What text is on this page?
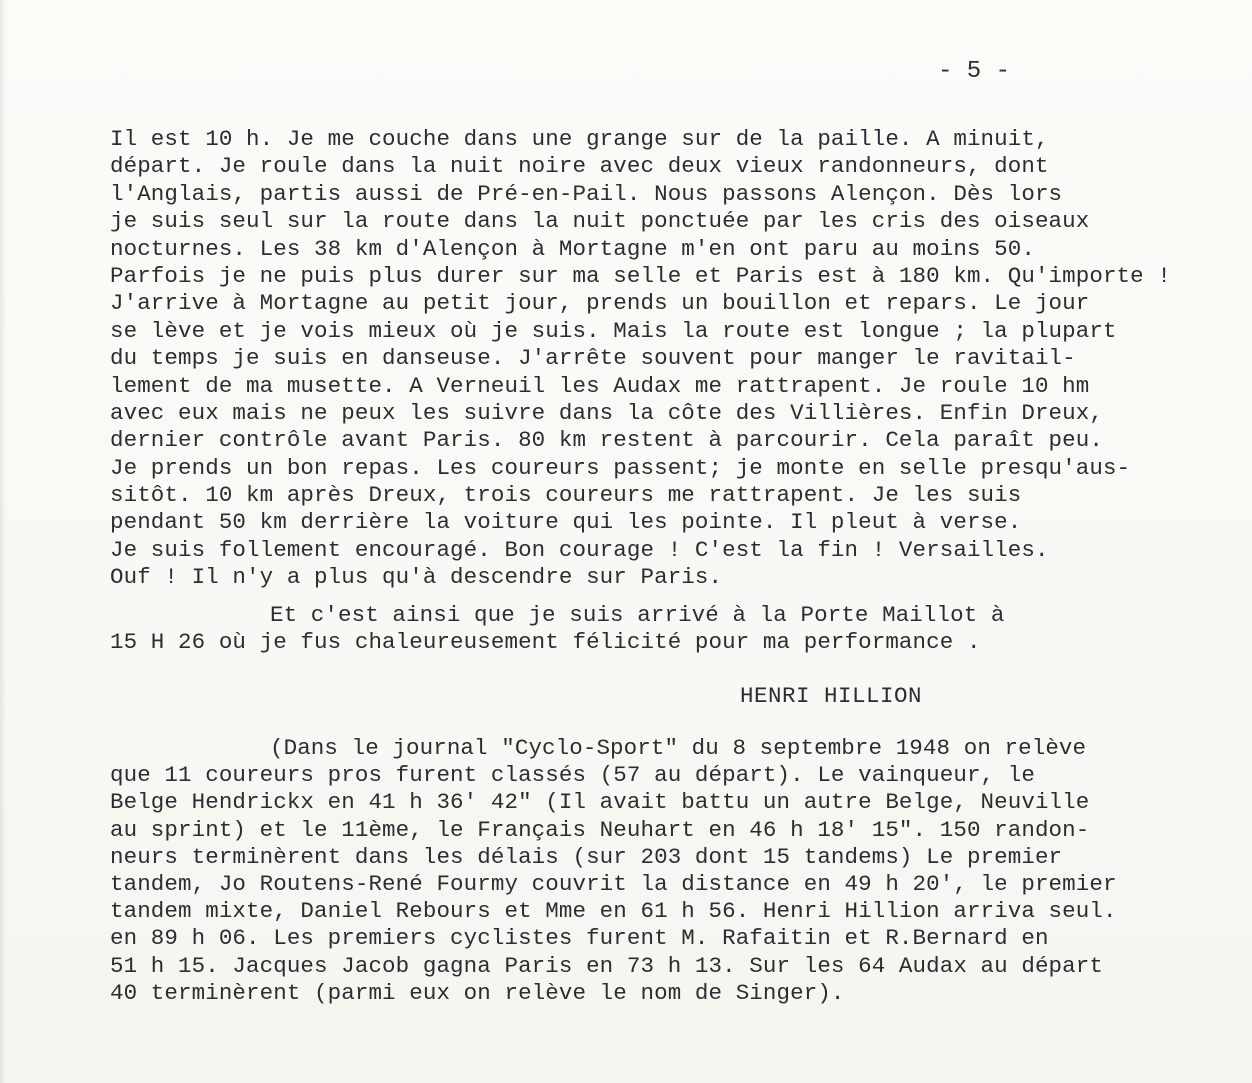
- 5 -
Il est 10 h. Je me couche dans une grange sur de la paille. A minuit,
départ. Je roule dans la nuit noire avec deux vieux randonneurs, dont
l'Anglais, partis aussi de Pré-en-Pail. Nous passons Alençon. Dès lors
je suis seul sur la route dans la nuit ponctuée par les cris des oiseaux
nocturnes. Les 38 km d'Alençon à Mortagne m'en ont paru au moins 50.
Parfois je ne puis plus durer sur ma selle et Paris est à 180 km. Qu'importe !
J'arrive à Mortagne au petit jour, prends un bouillon et repars. Le jour
se lève et je vois mieux où je suis. Mais la route est longue ; la plupart
du temps je suis en danseuse. J'arrête souvent pour manger le ravitail-
lement de ma musette. A Verneuil les Audax me rattrapent. Je roule 10 hm
avec eux mais ne peux les suivre dans la côte des Villières. Enfin Dreux,
dernier contrôle avant Paris. 80 km restent à parcourir. Cela paraît peu.
Je prends un bon repas. Les coureurs passent; je monte en selle presqu'aus-
sitôt. 10 km après Dreux, trois coureurs me rattrapent. Je les suis
pendant 50 km derrière la voiture qui les pointe. Il pleut à verse.
Je suis follement encouragé. Bon courage ! C'est la fin ! Versailles.
Ouf ! Il n'y a plus qu'à descendre sur Paris.
Et c'est ainsi que je suis arrivé à la Porte Maillot à
15 H 26 où je fus chaleureusement félicité pour ma performance .
HENRI HILLION
(Dans le journal "Cyclo-Sport" du 8 septembre 1948 on relève
que 11 coureurs pros furent classés (57 au départ). Le vainqueur, le
Belge Hendrickx en 41 h 36' 42" (Il avait battu un autre Belge, Neuville
au sprint) et le 11ème, le Français Neuhart en 46 h 18' 15". 150 randon-
neurs terminèrent dans les délais (sur 203 dont 15 tandems) Le premier
tandem, Jo Routens-René Fourmy couvrit la distance en 49 h 20', le premier
tandem mixte, Daniel Rebours et Mme en 61 h 56. Henri Hillion arriva seul.
en 89 h 06. Les premiers cyclistes furent M. Rafaitin et R.Bernard en
51 h 15. Jacques Jacob gagna Paris en 73 h 13. Sur les 64 Audax au départ
40 terminèrent (parmi eux on relève le nom de Singer).
